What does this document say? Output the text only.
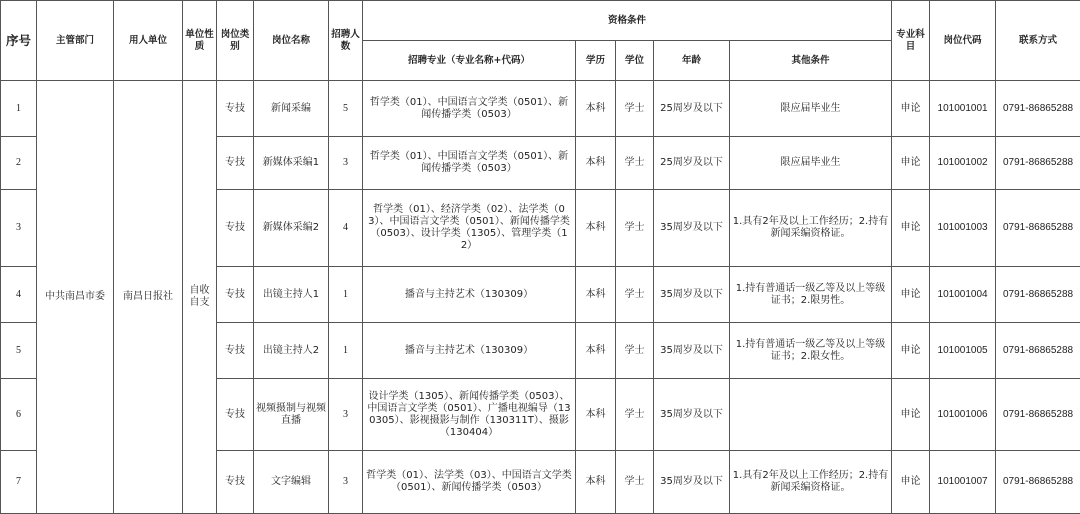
序号	主管部门	用人单位	单位性质	岗位类别	岗位名称	招聘人数	资格条件					专业科目	岗位代码	联系方式
							招聘专业（专业名称+代码）	学历	学位	年龄	其他条件			
1	中共南昌市委	南昌日报社	自收自支	专技	新闻采编	5	哲学类（01）、中国语言文学类（0501）、新闻传播学类（0503）	本科	学士	25周岁及以下	限应届毕业生	申论	101001001	0791-86865288
2				专技	新媒体采编1	3	哲学类（01）、中国语言文学类（0501）、新闻传播学类（0503）	本科	学士	25周岁及以下	限应届毕业生	申论	101001002	0791-86865288
3				专技	新媒体采编2	4	哲学类（01）、经济学类（02）、法学类（03）、中国语言文学类（0501）、新闻传播学类（0503）、设计学类（1305）、管理学类（12）	本科	学士	35周岁及以下	1.具有2年及以上工作经历；2.持有新闻采编资格证。	申论	101001003	0791-86865288
4				专技	出镜主持人1	1	播音与主持艺术（130309）	本科	学士	35周岁及以下	1.持有普通话一级乙等及以上等级证书；2.限男性。	申论	101001004	0791-86865288
5				专技	出镜主持人2	1	播音与主持艺术（130309）	本科	学士	35周岁及以下	1.持有普通话一级乙等及以上等级证书；2.限女性。	申论	101001005	0791-86865288
6				专技	视频摄制与视频直播	3	设计学类（1305）、新闻传播学类（0503）、中国语言文学类（0501）、广播电视编导（130305）、影视摄影与制作（130311T）、摄影（130404）	本科	学士	35周岁及以下		申论	101001006	0791-86865288
7				专技	文字编辑	3	哲学类（01）、法学类（03）、中国语言文学类（0501）、新闻传播学类（0503）	本科	学士	35周岁及以下	1.具有2年及以上工作经历；2.持有新闻采编资格证。	申论	101001007	0791-86865288
